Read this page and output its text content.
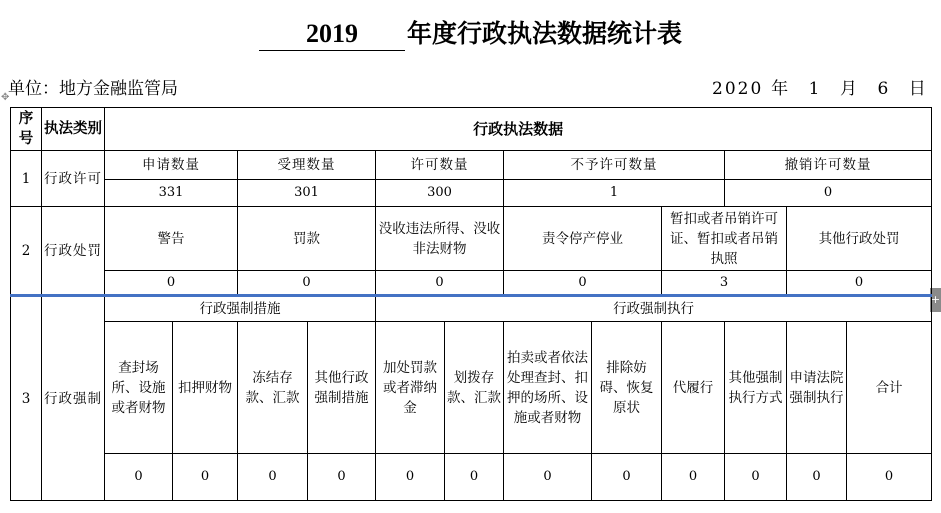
2019 年度行政执法数据统计表
单位：地方金融监管局	2020 年 1 月 6 日
✥
+
序号	执法类别	行政执法数据												
1	行政许可	申请数量		受理数量		许可数量		不予许可数量			撤销许可数量			
		331		301		300		1			0			
2	行政处罚	警告		罚款		没收违法所得、没收非法财物		责令停产停业		暂扣或者吊销许可证、暂扣或者吊销执照		其他行政处罚	
		0		0		0		0		3		0	
3	行政强制	行政强制措施				行政强制执行								
		查封场所、设施或者财物	扣押财物	冻结存款、汇款	其他行政强制措施	加处罚款或者滞纳金	划拨存款、汇款	拍卖或者依法处理查封、扣押的场所、设施或者财物	排除妨碍、恢复原状	代履行	其他强制执行方式	申请法院强制执行	合计	
		0	0	0	0	0	0	0	0	0	0	0	0	
